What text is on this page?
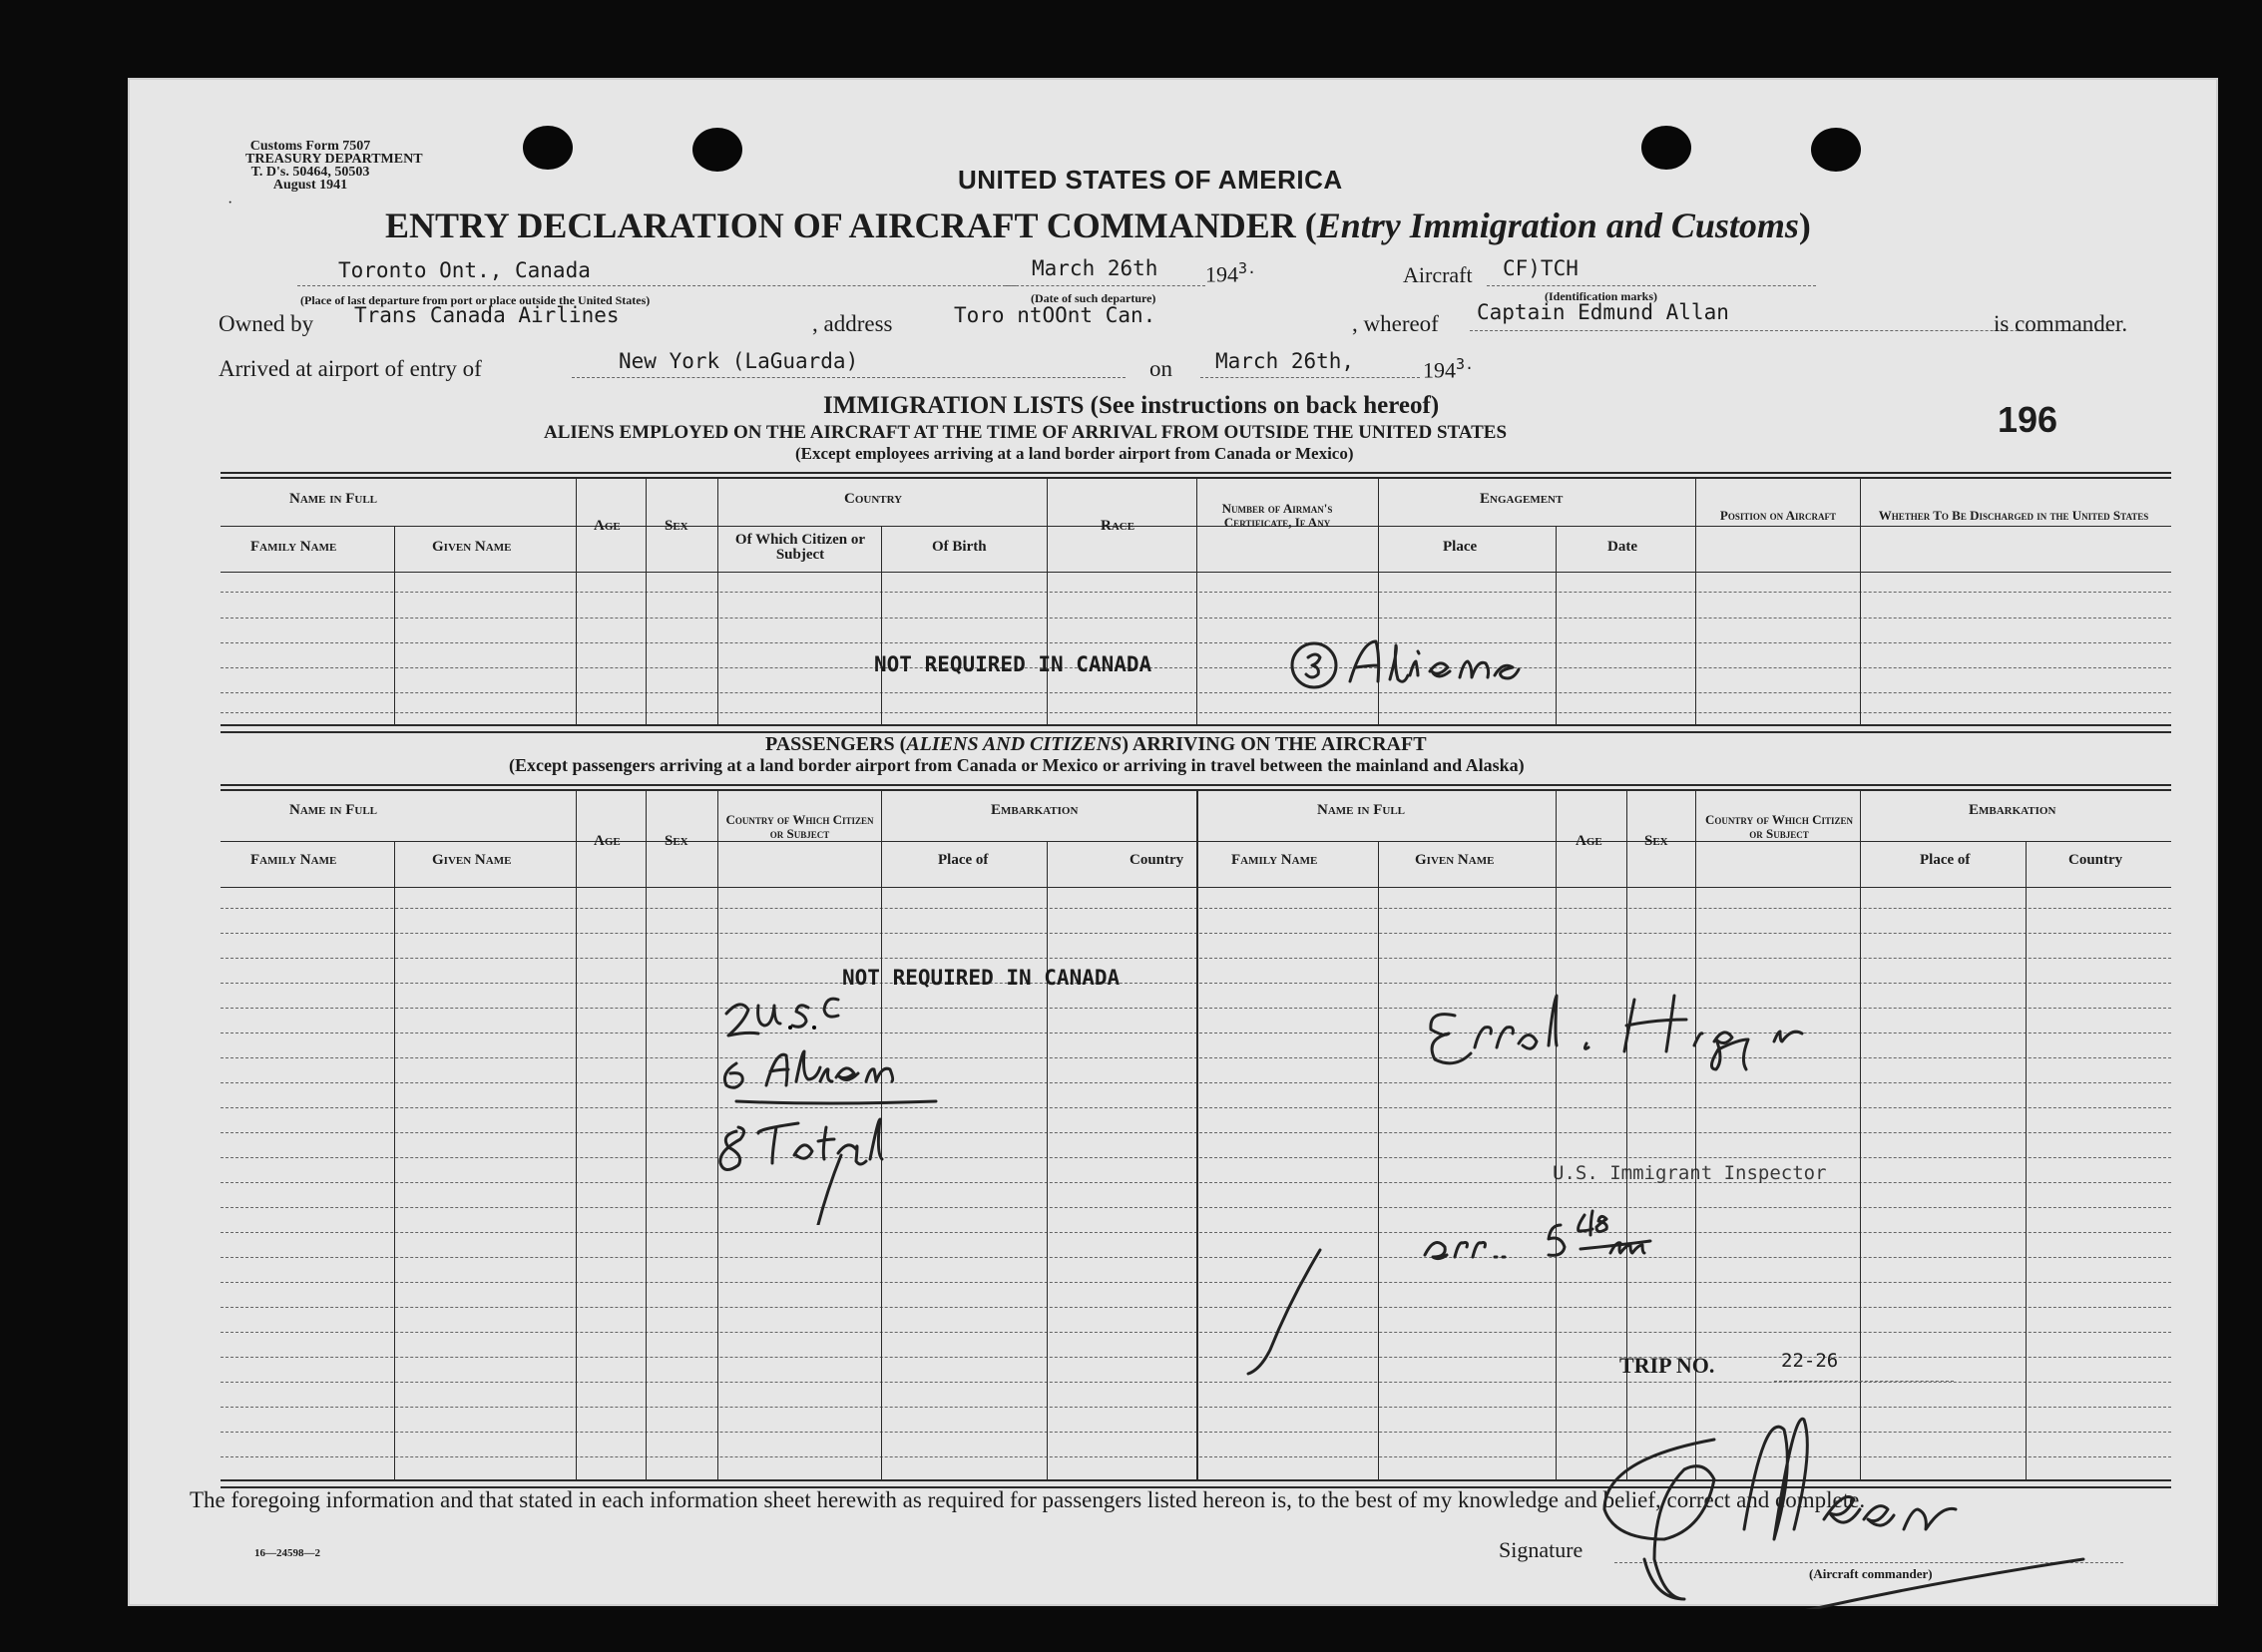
Customs Form 7507
TREASURY DEPARTMENT
T. D's. 50464, 50503
August 1941
·
UNITED STATES OF AMERICA
ENTRY DECLARATION OF AIRCRAFT COMMANDER (Entry Immigration and Customs)
Toronto Ont., Canada
(Place of last departure from port or place outside the United States)
March 26th
(Date of such departure)
$194^{3.}$	Aircraft CF)TCH
(Identification marks)
Owned by Trans Canada Airlines	, address	Toro ntOOnt Can.	, whereof Captain Edmund Allan	is commander.
Arrived at airport of entry of	New York (LaGuarda)	on March 26th,	$194^{3.}$
IMMIGRATION LISTS (See instructions on back hereof)
ALIENS EMPLOYED ON THE AIRCRAFT AT THE TIME OF ARRIVAL FROM OUTSIDE THE UNITED STATES
(Except employees arriving at a land border airport from Canada or Mexico)
196
Name in Full
Family Name	Given Name
Age	Sex
Country
Of Which Citizen or Subject	Of Birth
Race
Number of Airman's Certificate, If Any
Engagement
Place	Date
Position on Aircraft	Whether To Be Discharged in the United States
NOT REQUIRED IN CANADA
PASSENGERS (ALIENS AND CITIZENS) ARRIVING ON THE AIRCRAFT
(Except passengers arriving at a land border airport from Canada or Mexico or arriving in travel between the mainland and Alaska)
Name in Full
Family Name	Given Name
Age	Sex
Country of Which Citizen or Subject
Embarkation
Place of	Country
Name in Full
Family Name	Given Name
Age	Sex
Country of Which Citizen or Subject
Embarkation
Place of	Country
NOT REQUIRED IN CANADA
U.S. Immigrant Inspector
TRIP NO.	22-26
The foregoing information and that stated in each information sheet herewith as required for passengers listed hereon is, to the best of my knowledge and belief, correct and complete.
16—24598—2	Signature
(Aircraft commander)
